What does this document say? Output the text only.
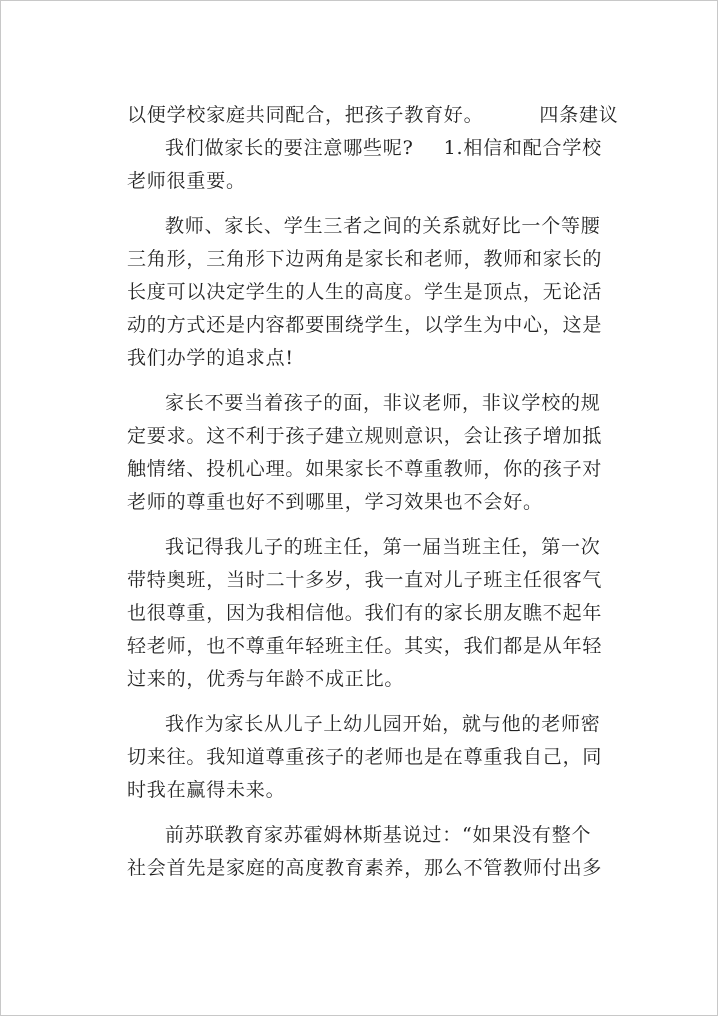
以便学校家庭共同配合，把孩子教育好。	四条建议
我们做家长的要注意哪些呢? 1.相信和配合学校
老师很重要。
教师、家长、学生三者之间的关系就好比一个等腰
三角形，三角形下边两角是家长和老师，教师和家长的
长度可以决定学生的人生的高度。学生是顶点，无论活
动的方式还是内容都要围绕学生，以学生为中心，这是
我们办学的追求点!
家长不要当着孩子的面，非议老师，非议学校的规
定要求。这不利于孩子建立规则意识，会让孩子增加抵
触情绪、投机心理。如果家长不尊重教师，你的孩子对
老师的尊重也好不到哪里，学习效果也不会好。
我记得我儿子的班主任，第一届当班主任，第一次
带特奥班，当时二十多岁，我一直对儿子班主任很客气
也很尊重，因为我相信他。我们有的家长朋友瞧不起年
轻老师，也不尊重年轻班主任。其实，我们都是从年轻
过来的，优秀与年龄不成正比。
我作为家长从儿子上幼儿园开始，就与他的老师密
切来往。我知道尊重孩子的老师也是在尊重我自己，同
时我在赢得未来。
前苏联教育家苏霍姆林斯基说过：“如果没有整个
社会首先是家庭的高度教育素养，那么不管教师付出多
